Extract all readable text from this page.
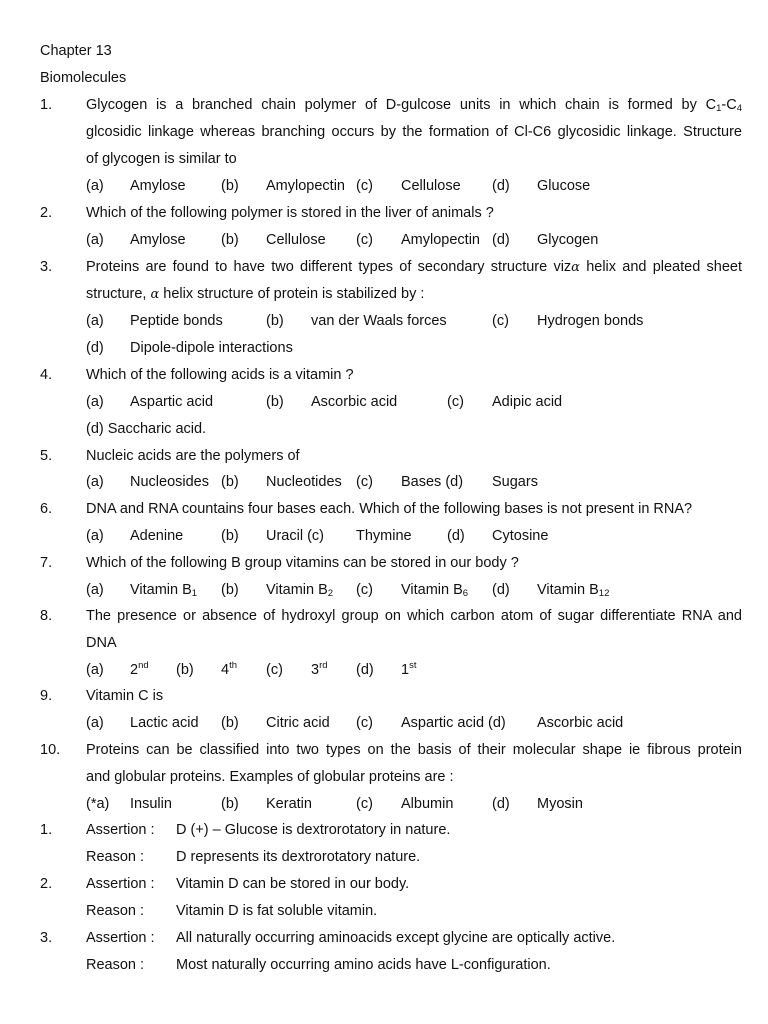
Chapter 13
Biomolecules
1. Glycogen is a branched chain polymer of D-gulcose units in which chain is formed by $C_1-C_4$
glcosidic linkage whereas branching occurs by the formation of Cl-C6 glycosidic linkage. Structure
of glycogen is similar to
(a) Amylose (b) Amylopectin (c) Cellulose (d) Glucose
2. Which of the following polymer is stored in the liver of animals ?
(a) Amylose (b) Cellulose (c) Amylopectin (d) Glycogen
3. Proteins are found to have two different types of secondary structure vizα helix and pleated sheet
structure, α helix structure of protein is stabilized by :
(a) Peptide bonds	(b) van der Waals forces	(c) Hydrogen bonds
(d) Dipole-dipole interactions
4. Which of the following acids is a vitamin ?
(a) Aspartic acid	(b) Ascorbic acid	(c) Adipic acid
(d) Saccharic acid.
5. Nucleic acids are the polymers of
(a) Nucleosides (b) Nucleotides (c) Bases (d) Sugars
6. DNA and RNA countains four bases each. Which of the following bases is not present in RNA?
(a) Adenine	(b) Uracil (c) Thymine (d) Cytosine
7. Which of the following B group vitamins can be stored in our body ?
(a) Vitamin $B_1$ (b) Vitamin $B_2$ (c) Vitamin $B_6$ (d) Vitamin $B_{12}$
8. The presence or absence of hydroxyl group on which carbon atom of sugar differentiate RNA and
DNA
(a) 2nd (b) 4th (c) 3rd (d) 1st
9. Vitamin C is
(a) Lactic acid (b) Citric acid (c) Aspartic acid (d) Ascorbic acid
10. Proteins can be classified into two types on the basis of their molecular shape ie fibrous protein
and globular proteins. Examples of globular proteins are :
(*a) Insulin	(b) Keratin	(c) Albumin	(d) Myosin
1. Assertion : D (+) – Glucose is dextrorotatory in nature.
Reason : D represents its dextrorotatory nature.
2. Assertion : Vitamin D can be stored in our body.
Reason : Vitamin D is fat soluble vitamin.
3. Assertion : All naturally occurring aminoacids except glycine are optically active.
Reason : Most naturally occurring amino acids have L-configuration.
